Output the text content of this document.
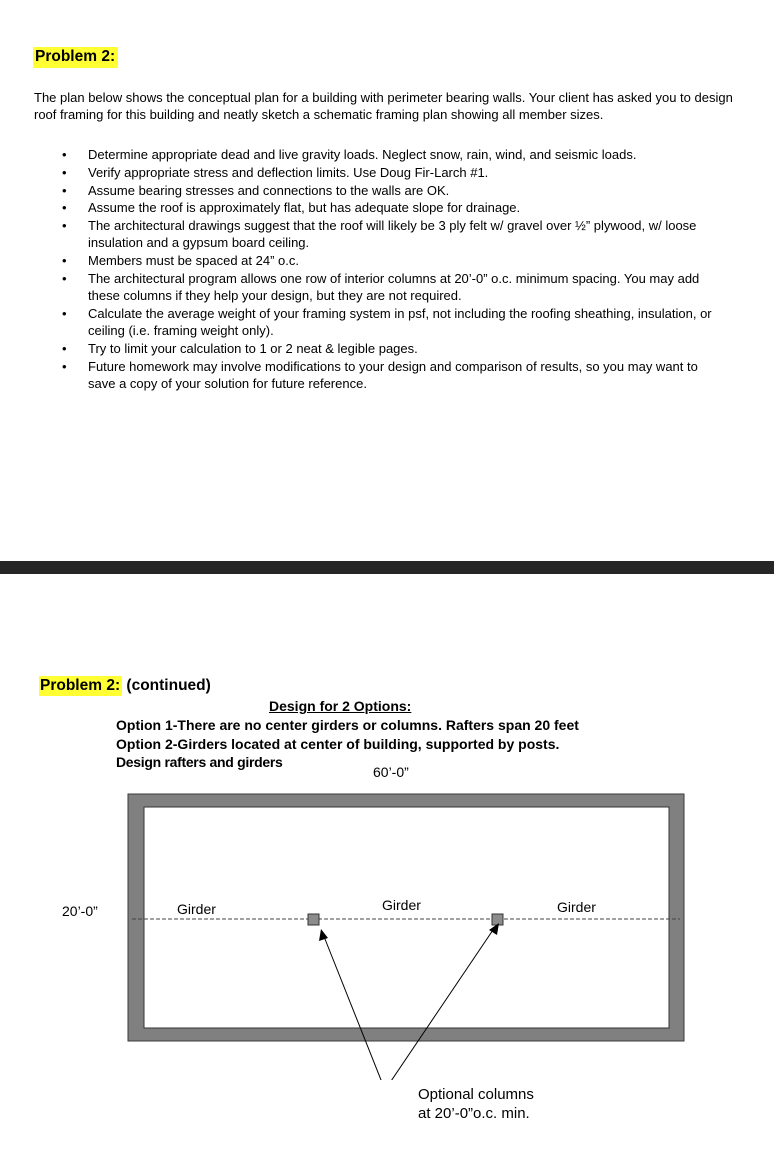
Problem 2:
The plan below shows the conceptual plan for a building with perimeter bearing walls. Your client has asked you to design roof framing for this building and neatly sketch a schematic framing plan showing all member sizes.
• Determine appropriate dead and live gravity loads. Neglect snow, rain, wind, and seismic loads.
• Verify appropriate stress and deflection limits. Use Doug Fir-Larch #1.
• Assume bearing stresses and connections to the walls are OK.
• Assume the roof is approximately flat, but has adequate slope for drainage.
• The architectural drawings suggest that the roof will likely be 3 ply felt w/ gravel over ½” plywood, w/ loose insulation and a gypsum board ceiling.
• Members must be spaced at 24” o.c.
• The architectural program allows one row of interior columns at 20’-0” o.c. minimum spacing. You may add these columns if they help your design, but they are not required.
• Calculate the average weight of your framing system in psf, not including the roofing sheathing, insulation, or ceiling (i.e. framing weight only).
• Try to limit your calculation to 1 or 2 neat & legible pages.
• Future homework may involve modifications to your design and comparison of results, so you may want to save a copy of your solution for future reference.
Problem 2: (continued)
Design for 2 Options:
Option 1-There are no center girders or columns. Rafters span 20 feet
Option 2-Girders located at center of building, supported by posts.
Design rafters and girders
60’-0”
20’-0”	Girder	Girder	Girder
Optional columns
at 20’-0”o.c. min.
